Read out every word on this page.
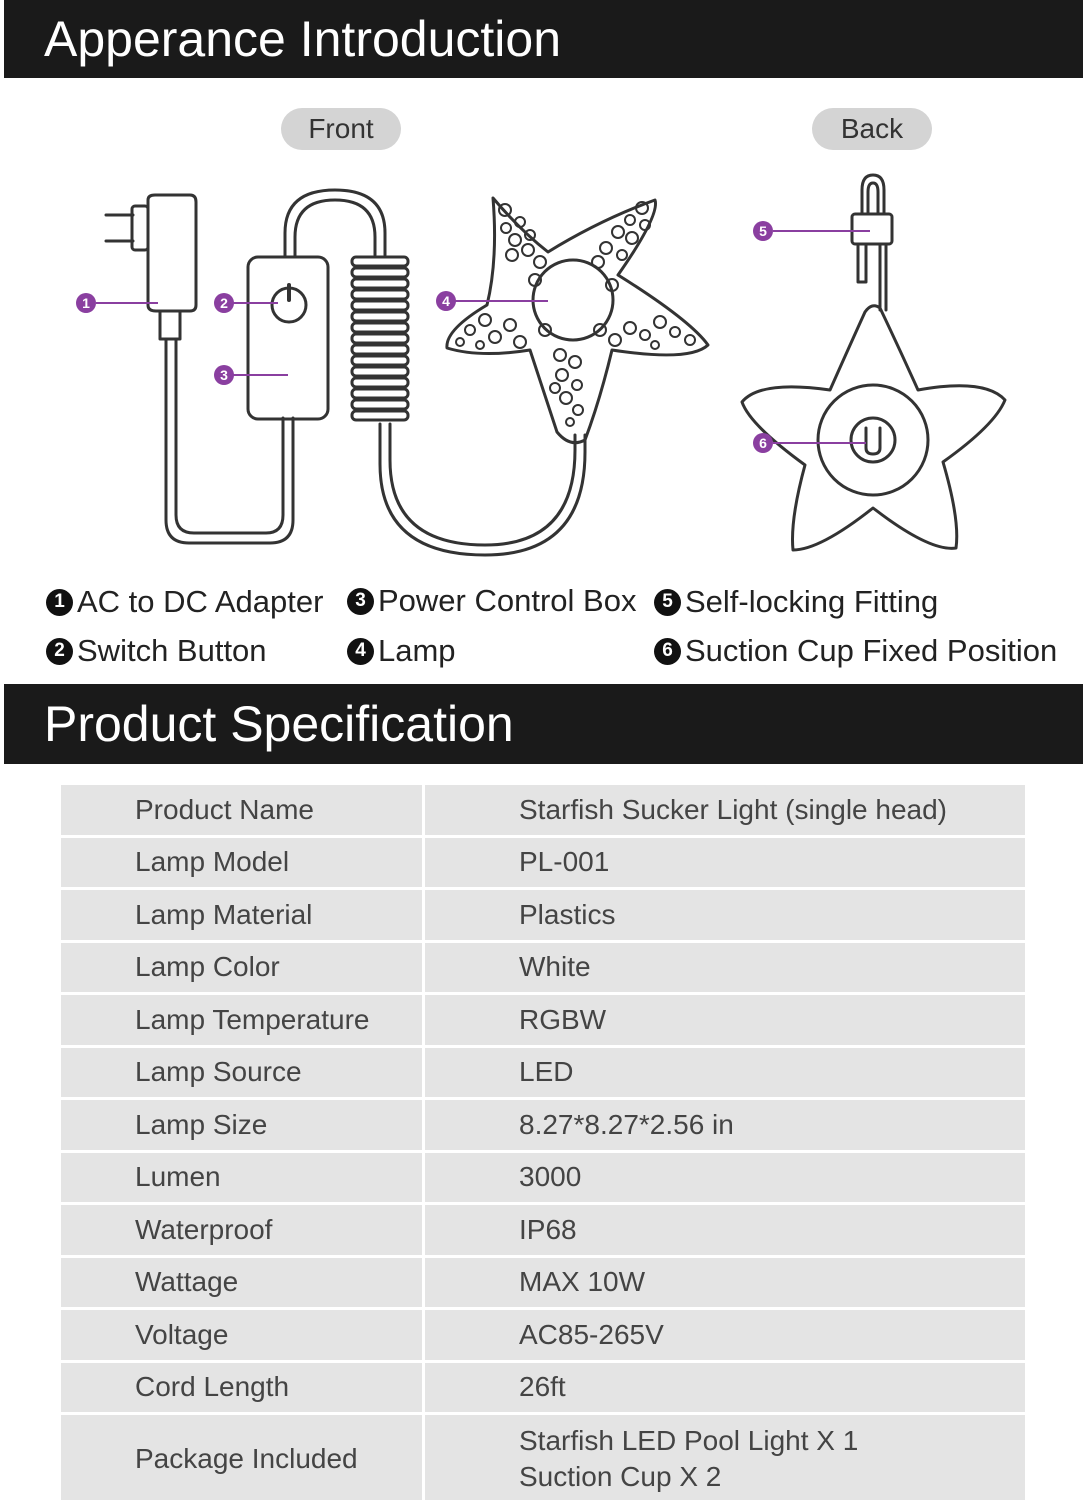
Apperance Introduction
Front	Back
1	2
3
4
5
6
1 AC to DC Adapter
2 Switch Button
3 Power Control Box
4 Lamp
5 Self-locking Fitting
6 Suction Cup Fixed Position
Product Specification
Product Name	Starfish Sucker Light (single head)
Lamp Model	PL-001
Lamp Material	Plastics
Lamp Color	White
Lamp Temperature	RGBW
Lamp Source	LED
Lamp Size	8.27*8.27*2.56 in
Lumen	3000
Waterproof	IP68
Wattage	MAX 10W
Voltage	AC85-265V
Cord Length	26ft
Package Included	Starfish LED Pool Light X 1
Suction Cup X 2
